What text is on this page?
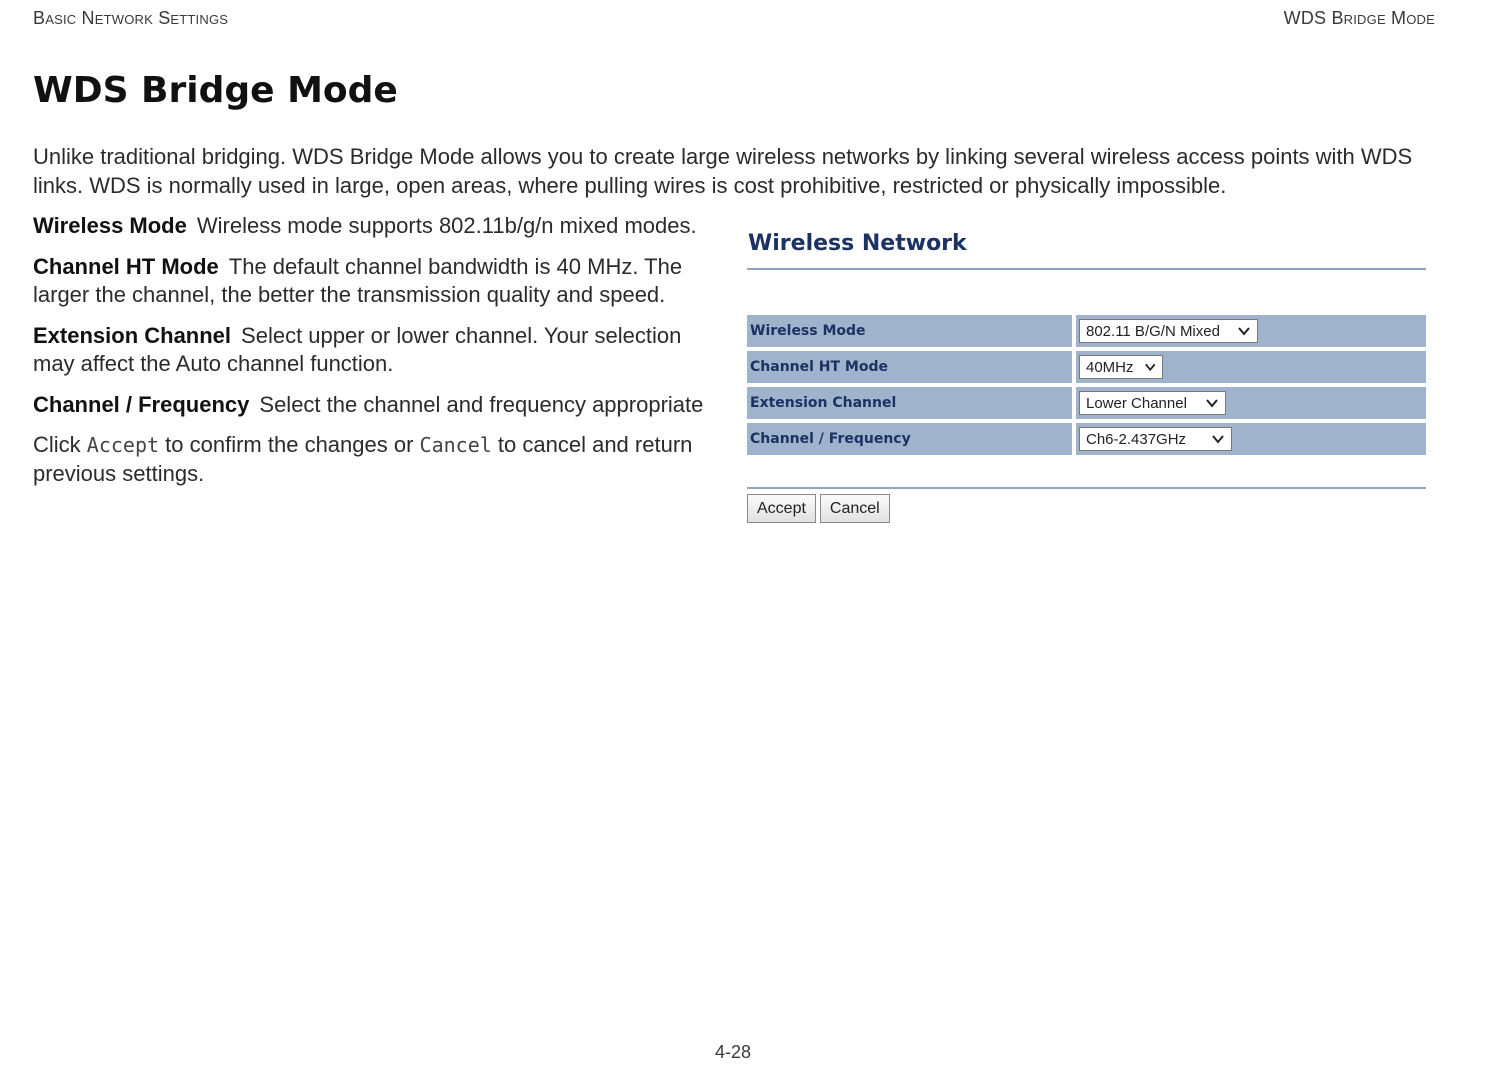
Basic Network Settings	WDS Bridge Mode
WDS Bridge Mode

Unlike traditional bridging. WDS Bridge Mode allows you to create large wireless networks by linking several wireless access points with WDS links. WDS is normally used in large, open areas, where pulling wires is cost prohibitive, restricted or physically impossible.

Wireless Mode Wireless mode supports 802.11b/g/n mixed modes.

Channel HT Mode The default channel bandwidth is 40 MHz. The larger the channel, the better the transmission quality and speed.

Extension Channel Select upper or lower channel. Your selection may affect the Auto channel function.

Channel / Frequency Select the channel and frequency appropriate

Click Accept to confirm the changes or Cancel to cancel and return previous settings.

Wireless Network
Wireless Mode	802.11 B/G/N Mixed

Channel HT Mode	40MHz

Extension Channel	Lower Channel

Channel / Frequency	Ch6-2.437GHz
Accept	Cancel
4-28
